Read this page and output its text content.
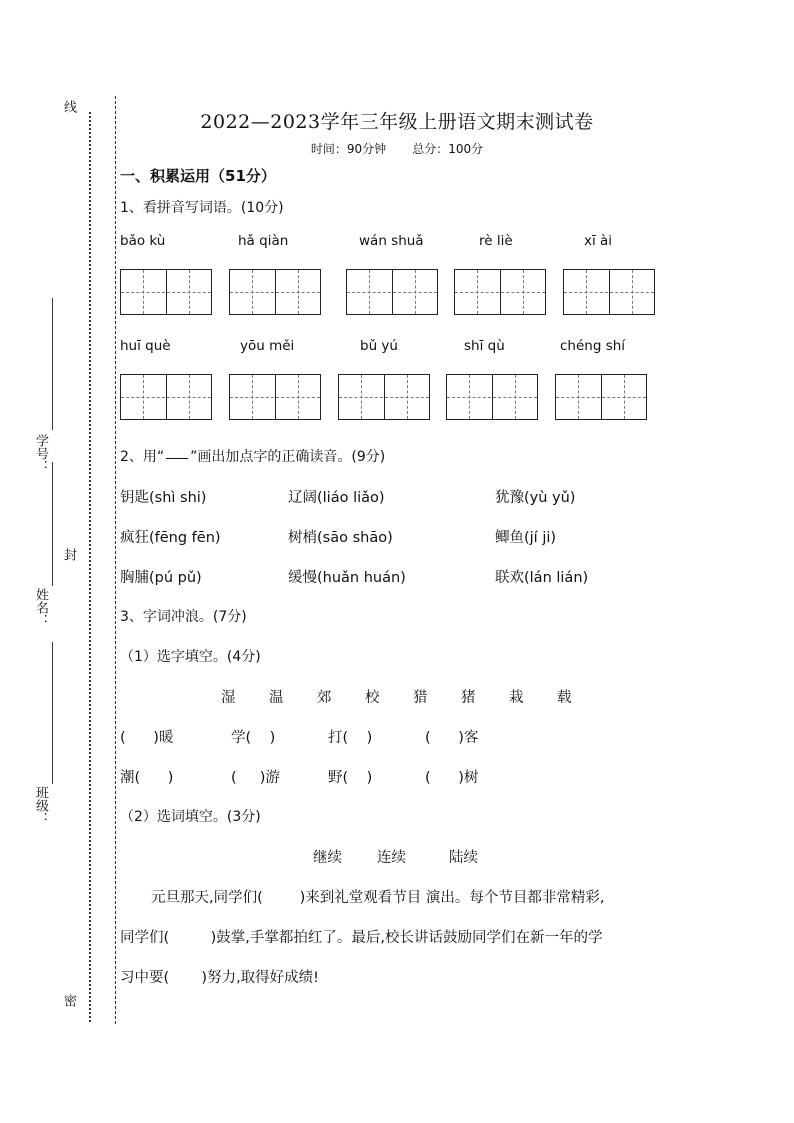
线
学号：
封
姓名：
班级：
密
2022—2023学年三年级上册语文期末测试卷
时间：90分钟 总分：100分
一、积累运用（51分）
1、看拼音写词语。(10分)
bǎo kù	hǎ qiàn	wán shuǎ	rè liè	xī ài
huī què	yōu měi	bǔ yú	shī qù	chéng shí
2、用“ ”画出加点字的正确读音。(9分)
钥匙(shì shi)	辽阔(liáo liǎo)	犹豫(yù yǔ)
疯狂(fēng fēn)	树梢(sāo shāo)	鲫鱼(jí ji)
胸脯(pú pǔ)	缓慢(huǎn huán)	联欢(lán lián)
3、字词冲浪。(7分)
（1）选字填空。(4分)
湿 温 郊 校 猎 猪 栽 载
(      )暖	学(    )	打(    )	(      )客
潮(      )	(     )游	野(    )	(      )树
（2）选词填空。(3分)
继续 连续	陆续
元旦那天,同学们(        )来到礼堂观看节目 演出。每个节目都非常精彩,
同学们(         )鼓掌,手掌都拍红了。最后,校长讲话鼓励同学们在新一年的学
习中要(       )努力,取得好成绩!
